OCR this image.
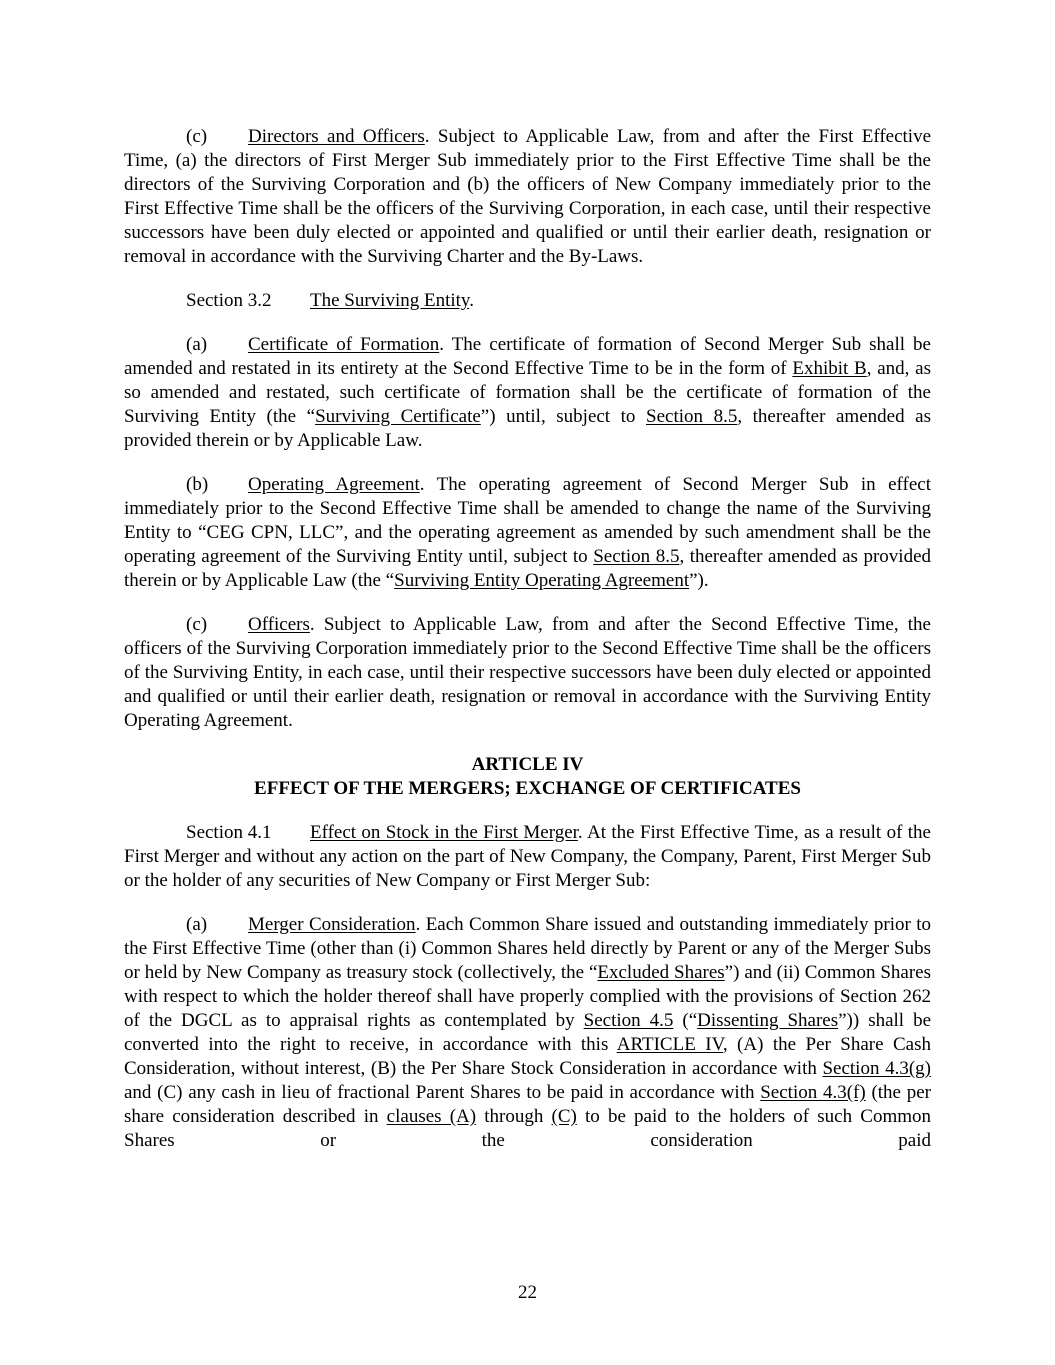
(c) Directors and Officers. Subject to Applicable Law, from and after the First Effective Time, (a) the directors of First Merger Sub immediately prior to the First Effective Time shall be the directors of the Surviving Corporation and (b) the officers of New Company immediately prior to the First Effective Time shall be the officers of the Surviving Corporation, in each case, until their respective successors have been duly elected or appointed and qualified or until their earlier death, resignation or removal in accordance with the Surviving Charter and the By-Laws.

Section 3.2 The Surviving Entity.

(a) Certificate of Formation. The certificate of formation of Second Merger Sub shall be amended and restated in its entirety at the Second Effective Time to be in the form of Exhibit B, and, as so amended and restated, such certificate of formation shall be the certificate of formation of the Surviving Entity (the “Surviving Certificate”) until, subject to Section 8.5, thereafter amended as provided therein or by Applicable Law.

(b) Operating Agreement. The operating agreement of Second Merger Sub in effect immediately prior to the Second Effective Time shall be amended to change the name of the Surviving Entity to “CEG CPN, LLC”, and the operating agreement as amended by such amendment shall be the operating agreement of the Surviving Entity until, subject to Section 8.5, thereafter amended as provided therein or by Applicable Law (the “Surviving Entity Operating Agreement”).

(c) Officers. Subject to Applicable Law, from and after the Second Effective Time, the officers of the Surviving Corporation immediately prior to the Second Effective Time shall be the officers of the Surviving Entity, in each case, until their respective successors have been duly elected or appointed and qualified or until their earlier death, resignation or removal in accordance with the Surviving Entity Operating Agreement.

ARTICLE IV

EFFECT OF THE MERGERS; EXCHANGE OF CERTIFICATES

Section 4.1 Effect on Stock in the First Merger. At the First Effective Time, as a result of the First Merger and without any action on the part of New Company, the Company, Parent, First Merger Sub or the holder of any securities of New Company or First Merger Sub:

(a) Merger Consideration. Each Common Share issued and outstanding immediately prior to the First Effective Time (other than (i) Common Shares held directly by Parent or any of the Merger Subs or held by New Company as treasury stock (collectively, the “Excluded Shares”) and (ii) Common Shares with respect to which the holder thereof shall have properly complied with the provisions of Section 262 of the DGCL as to appraisal rights as contemplated by Section 4.5 (“Dissenting Shares”)) shall be converted into the right to receive, in accordance with this ARTICLE IV, (A) the Per Share Cash Consideration, without interest, (B) the Per Share Stock Consideration in accordance with Section 4.3(g) and (C) any cash in lieu of fractional Parent Shares to be paid in accordance with Section 4.3(f) (the per share consideration described in clauses (A) through (C) to be paid to the holders of such Common Shares or the consideration paid

22
